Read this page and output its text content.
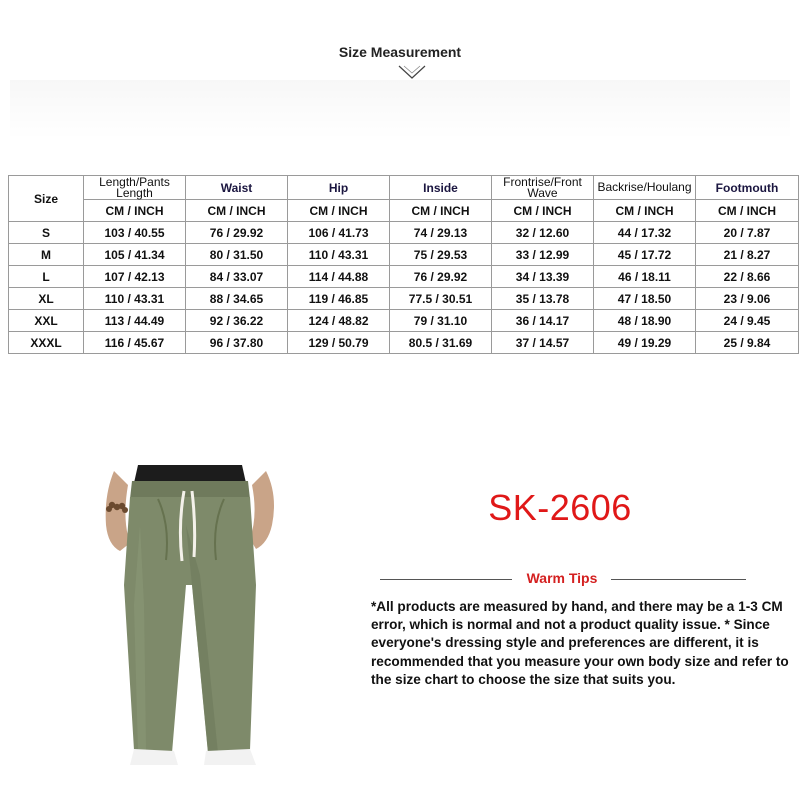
Size Measurement
Size	Length/Pants Length	Waist	Hip	Inside	Frontrise/Front Wave	Backrise/Houlang	Footmouth
	CM / INCH	CM / INCH	CM / INCH	CM / INCH	CM / INCH	CM / INCH	CM / INCH
S	103 / 40.55	76 / 29.92	106 / 41.73	74 / 29.13	32 / 12.60	44 / 17.32	20 / 7.87
M	105 / 41.34	80 / 31.50	110 / 43.31	75 / 29.53	33 / 12.99	45 / 17.72	21 / 8.27
L	107 / 42.13	84 / 33.07	114 / 44.88	76 / 29.92	34 / 13.39	46 / 18.11	22 / 8.66
XL	110 / 43.31	88 / 34.65	119 / 46.85	77.5 / 30.51	35 / 13.78	47 / 18.50	23 / 9.06
XXL	113 / 44.49	92 / 36.22	124 / 48.82	79 / 31.10	36 / 14.17	48 / 18.90	24 / 9.45
XXXL	116 / 45.67	96 / 37.80	129 / 50.79	80.5 / 31.69	37 / 14.57	49 / 19.29	25 / 9.84
SK-2606
Warm Tips
*All products are measured by hand, and there may be a 1-3 CM error, which is normal and not a product quality issue. * Since everyone's dressing style and preferences are different, it is recommended that you measure your own body size and refer to the size chart to choose the size that suits you.
